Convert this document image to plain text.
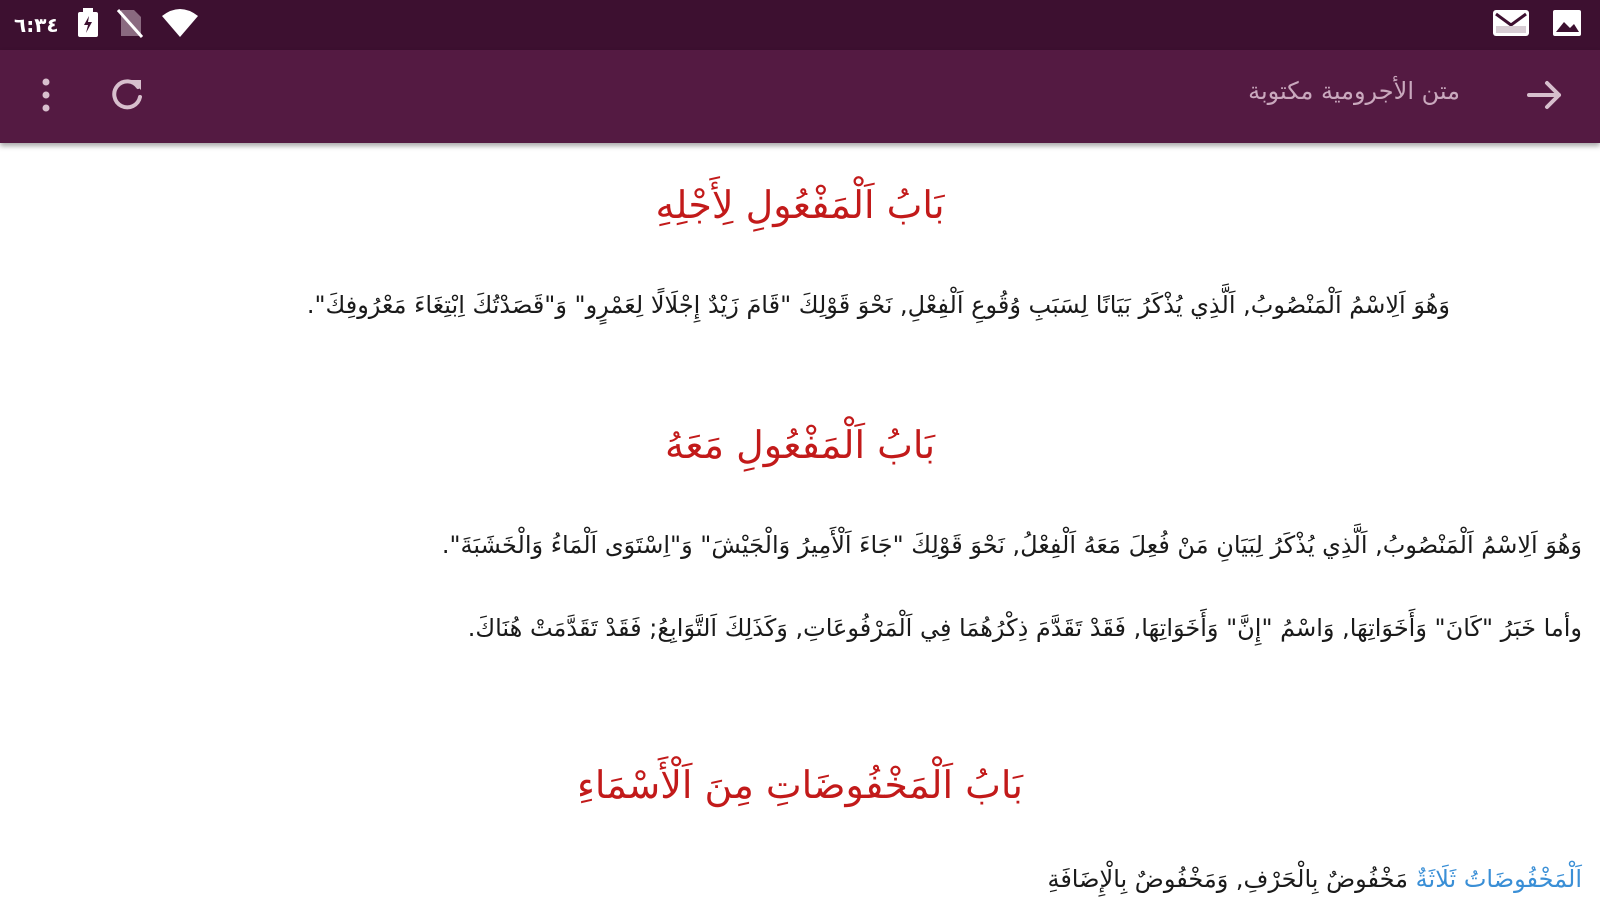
٦:٣٤
متن الأجرومية مكتوبة
بَابُ اَلْمَفْعُولِ لِأَجْلِهِ
وَهُوَ اَلِاسْمُ اَلْمَنْصُوبُ, اَلَّذِي يُذْكَرُ بَيَانًا لِسَبَبِ وُقُوعِ اَلْفِعْلِ, نَحْوَ قَوْلِكَ "قَامَ زَيْدٌ إِجْلَالًا لِعَمْرٍو" وَ"قَصَدْتُكَ اِبْتِغَاءَ مَعْرُوفِكَ".
بَابُ اَلْمَفْعُولِ مَعَهُ
وَهُوَ اَلِاسْمُ اَلْمَنْصُوبُ, اَلَّذِي يُذْكَرُ لِبَيَانِ مَنْ فُعِلَ مَعَهُ اَلْفِعْلُ, نَحْوَ قَوْلِكَ "جَاءَ اَلْأَمِيرُ وَالْجَيْشَ" وَ"اِسْتَوَى اَلْمَاءُ وَالْخَشَبَةَ".
وأما خَبَرُ "كَانَ" وَأَخَوَاتِهَا, وَاسْمُ "إِنَّ" وَأَخَوَاتِهَا, فَقَدْ تَقَدَّمَ ذِكْرُهُمَا فِي اَلْمَرْفُوعَاتِ, وَكَذَلِكَ اَلتَّوَابِعُ; فَقَدْ تَقَدَّمَتْ هُنَاكَ.
بَابُ اَلْمَخْفُوضَاتِ مِنَ اَلْأَسْمَاءِ
اَلْمَخْفُوضَاتُ ثَلَاثَةٌ مَخْفُوضٌ بِالْحَرْفِ, وَمَخْفُوضٌ بِالْإِضَافَةِ
